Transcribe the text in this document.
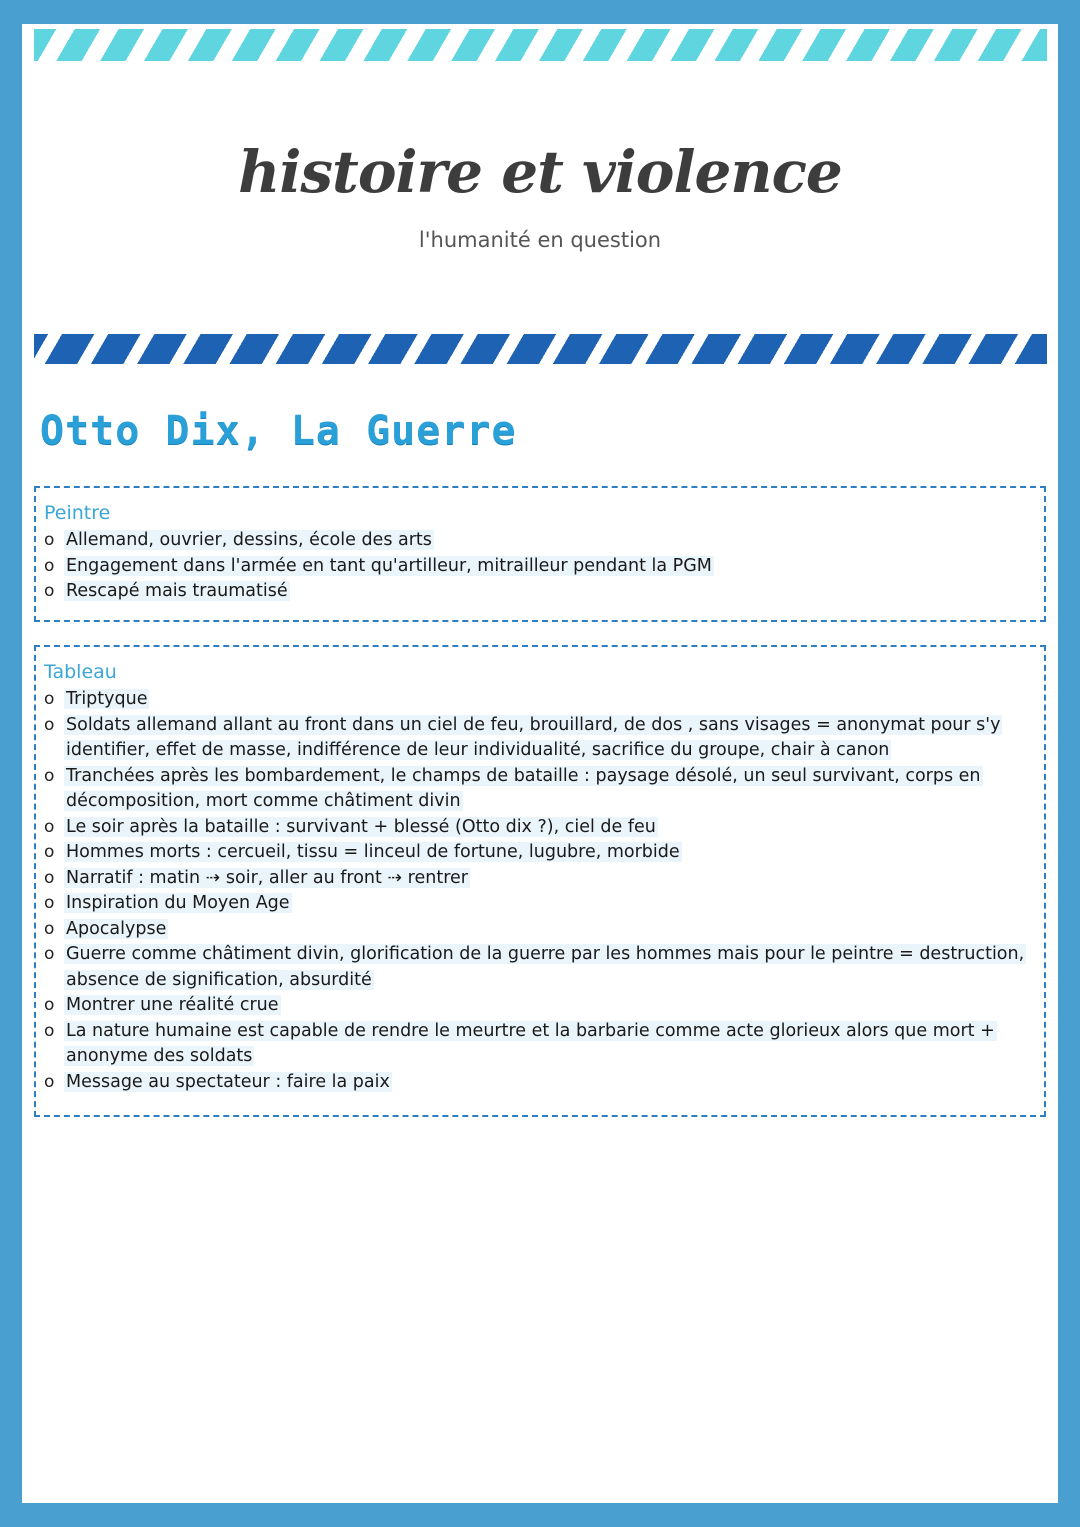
histoire et violence
l'humanité en question
Otto Dix, La Guerre
Peintre
o Allemand, ouvrier, dessins, école des arts
o Engagement dans l'armée en tant qu'artilleur, mitrailleur pendant la PGM
o Rescapé mais traumatisé
Tableau
o Triptyque
o Soldats allemand allant au front dans un ciel de feu, brouillard, de dos , sans visages = anonymat pour s'y identifier, effet de masse, indifférence de leur individualité, sacrifice du groupe, chair à canon
o Tranchées après les bombardement, le champs de bataille : paysage désolé, un seul survivant, corps en décomposition, mort comme châtiment divin
o Le soir après la bataille : survivant + blessé (Otto dix ?), ciel de feu
o Hommes morts : cercueil, tissu = linceul de fortune, lugubre, morbide
o Narratif : matin ⇢ soir, aller au front ⇢ rentrer
o Inspiration du Moyen Age
o Apocalypse
o Guerre comme châtiment divin, glorification de la guerre par les hommes mais pour le peintre = destruction, absence de signification, absurdité
o Montrer une réalité crue
o La nature humaine est capable de rendre le meurtre et la barbarie comme acte glorieux alors que mort + anonyme des soldats
o Message au spectateur : faire la paix
